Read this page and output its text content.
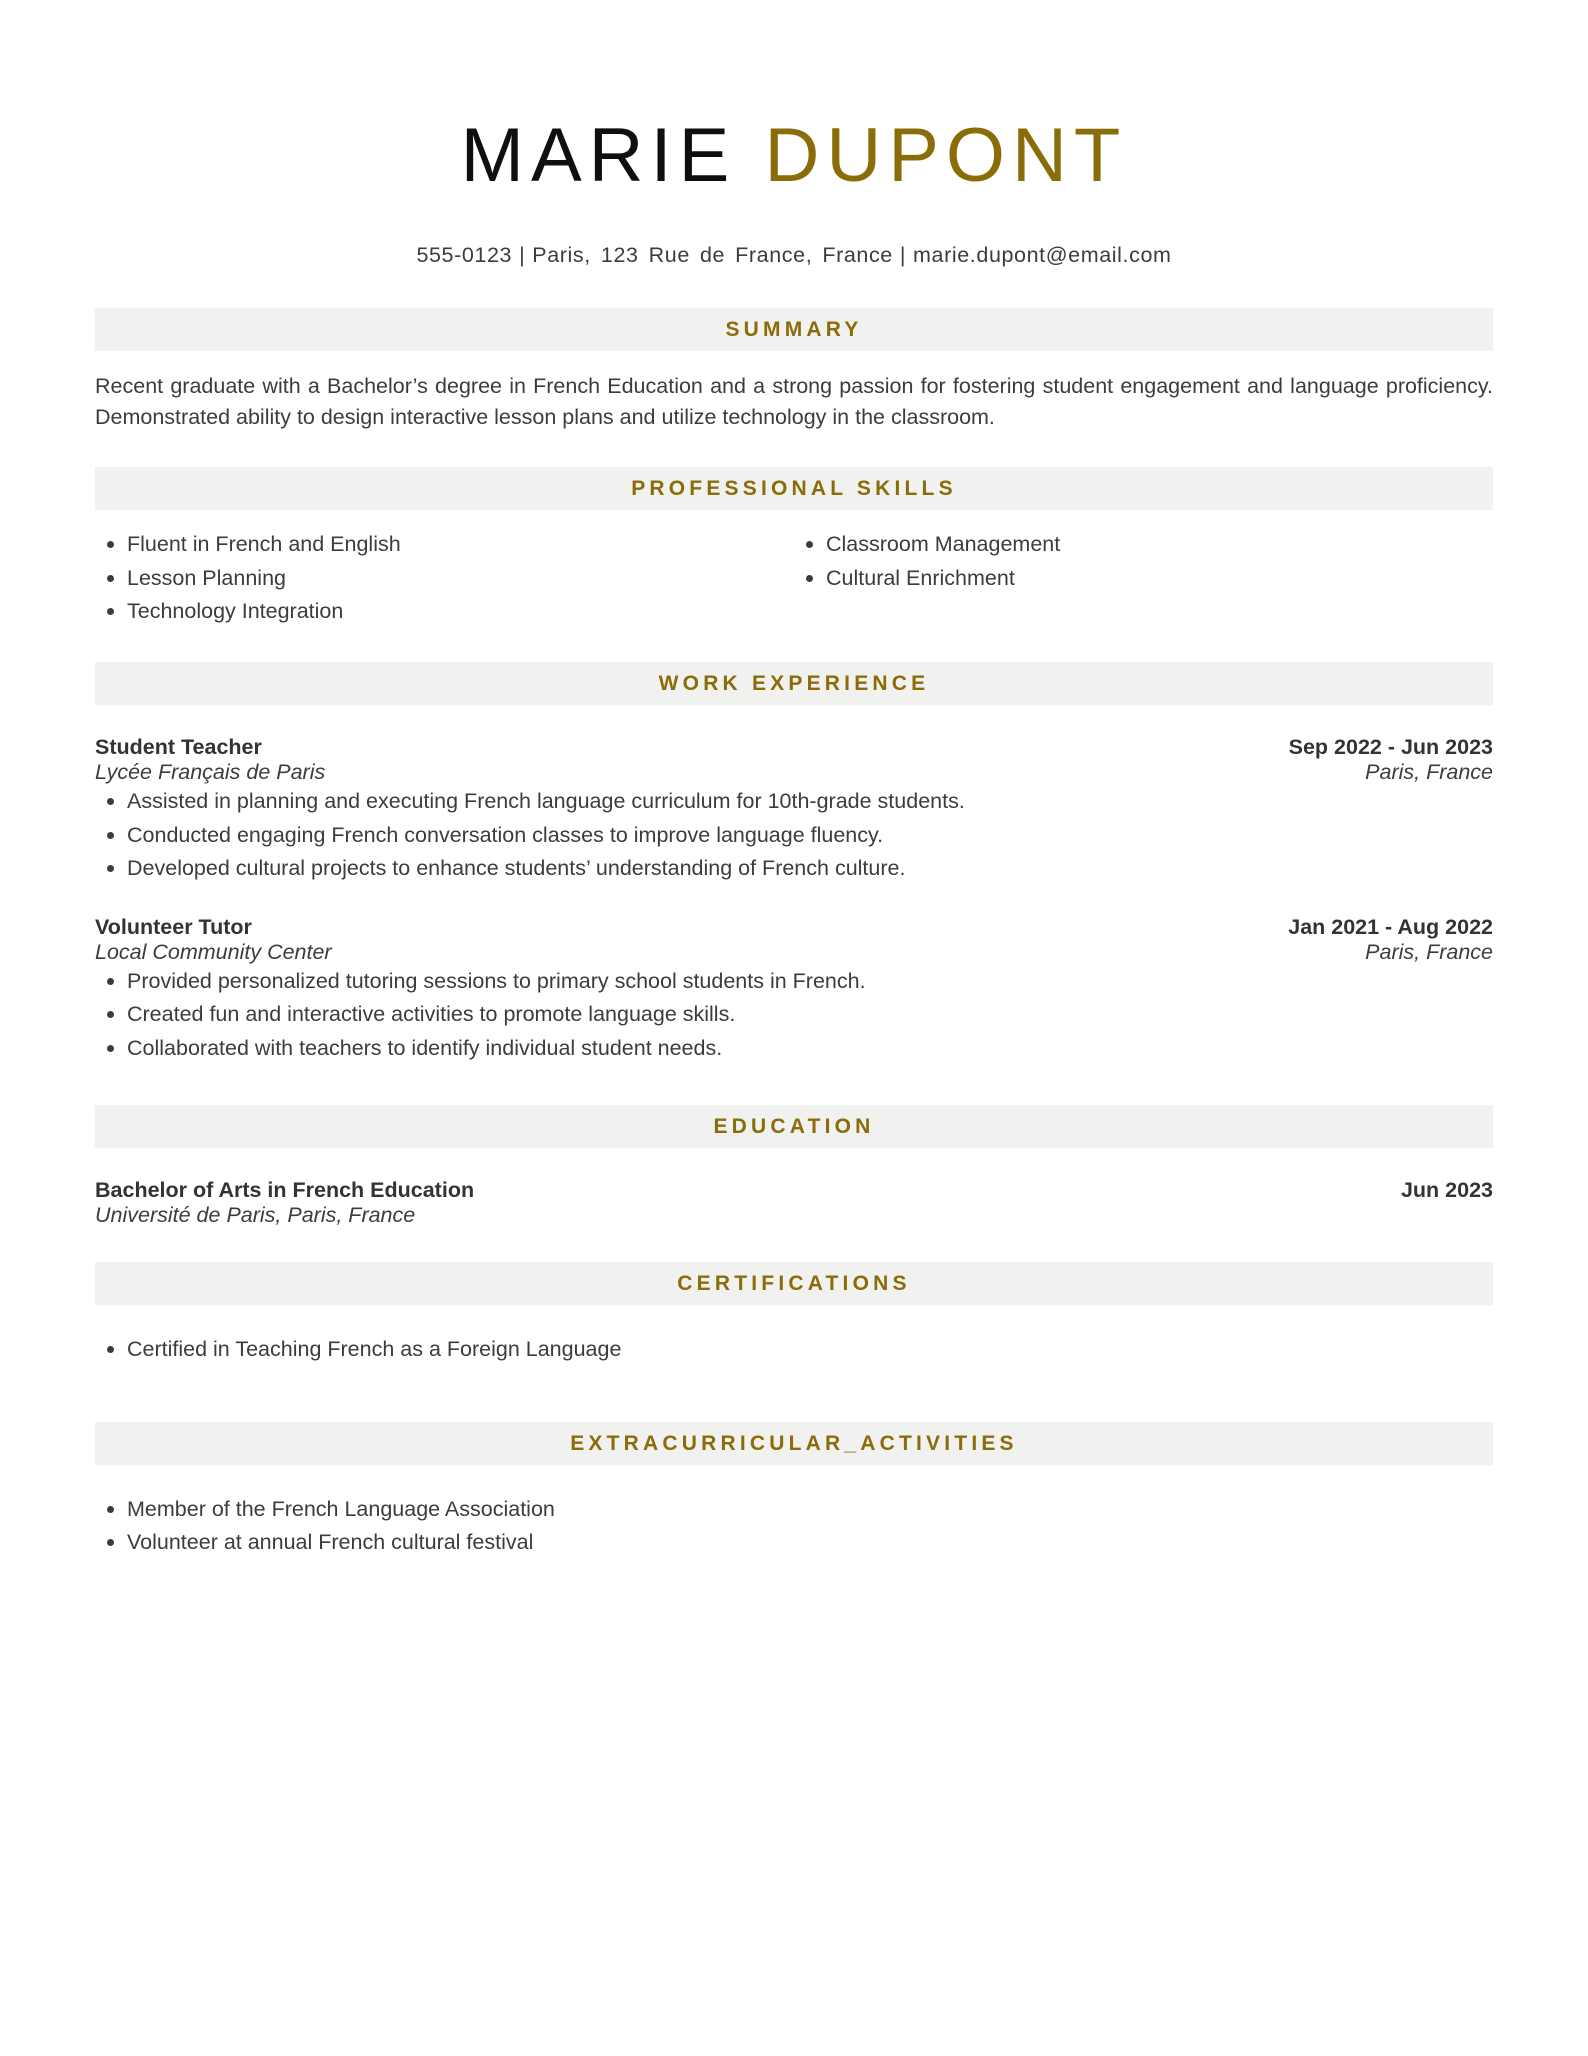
MARIE DUPONT
555-0123 | Paris, 123 Rue de France, France | marie.dupont@email.com
SUMMARY
Recent graduate with a Bachelor’s degree in French Education and a strong passion for fostering student engagement and language proficiency. Demonstrated ability to design interactive lesson plans and utilize technology in the classroom.
PROFESSIONAL SKILLS
Fluent in French and English
Lesson Planning
Technology Integration
Classroom Management
Cultural Enrichment
WORK EXPERIENCE
Student Teacher	Sep 2022 - Jun 2023
Lycée Français de Paris	Paris, France
Assisted in planning and executing French language curriculum for 10th-grade students.
Conducted engaging French conversation classes to improve language fluency.
Developed cultural projects to enhance students’ understanding of French culture.
Volunteer Tutor	Jan 2021 - Aug 2022
Local Community Center	Paris, France
Provided personalized tutoring sessions to primary school students in French.
Created fun and interactive activities to promote language skills.
Collaborated with teachers to identify individual student needs.
EDUCATION
Bachelor of Arts in French Education	Jun 2023
Université de Paris, Paris, France
CERTIFICATIONS
Certified in Teaching French as a Foreign Language
EXTRACURRICULAR_ACTIVITIES
Member of the French Language Association
Volunteer at annual French cultural festival
